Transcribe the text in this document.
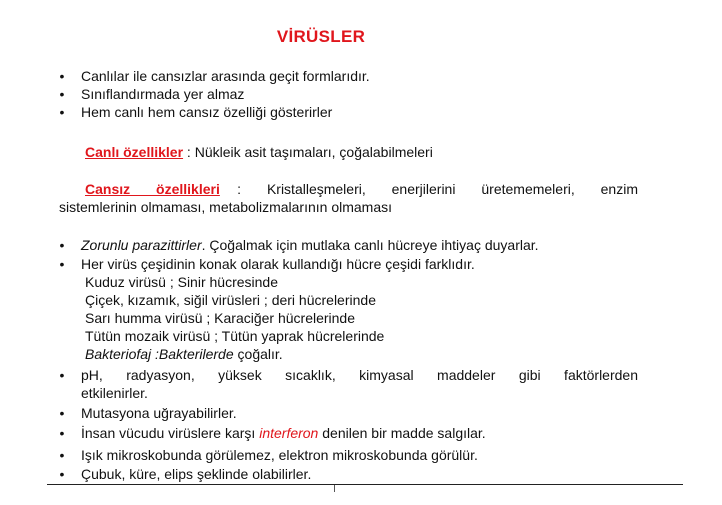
VİRÜSLER
• Canlılar ile cansızlar arasında geçit formlarıdır.
• Sınıflandırmada yer almaz
• Hem canlı hem cansız özelliği gösterirler
Canlı özellikler : Nükleik asit taşımaları, çoğalabilmeleri
Cansız   özellikleri  :   Kristalleşmeleri,   enerjilerini   üretememeleri,   enzim
sistemlerinin olmaması, metabolizmalarının olmaması
• Zorunlu parazittirler. Çoğalmak için mutlaka canlı hücreye ihtiyaç duyarlar.
• Her virüs çeşidinin konak olarak kullandığı hücre çeşidi farklıdır.
Kuduz virüsü ; Sinir hücresinde
Çiçek, kızamık, siğil virüsleri ; deri hücrelerinde
Sarı humma virüsü ; Karaciğer hücrelerinde
Tütün mozaik virüsü ; Tütün yaprak hücrelerinde
Bakteriofaj :Bakterilerde çoğalır.
• pH,   radyasyon,   yüksek   sıcaklık,   kimyasal   maddeler   gibi   faktörlerden
etkilenirler.
• Mutasyona uğrayabilirler.
• İnsan vücudu virüslere karşı interferon denilen bir madde salgılar.
• Işık mikroskobunda görülemez, elektron mikroskobunda görülür.
• Çubuk, küre, elips şeklinde olabilirler.
